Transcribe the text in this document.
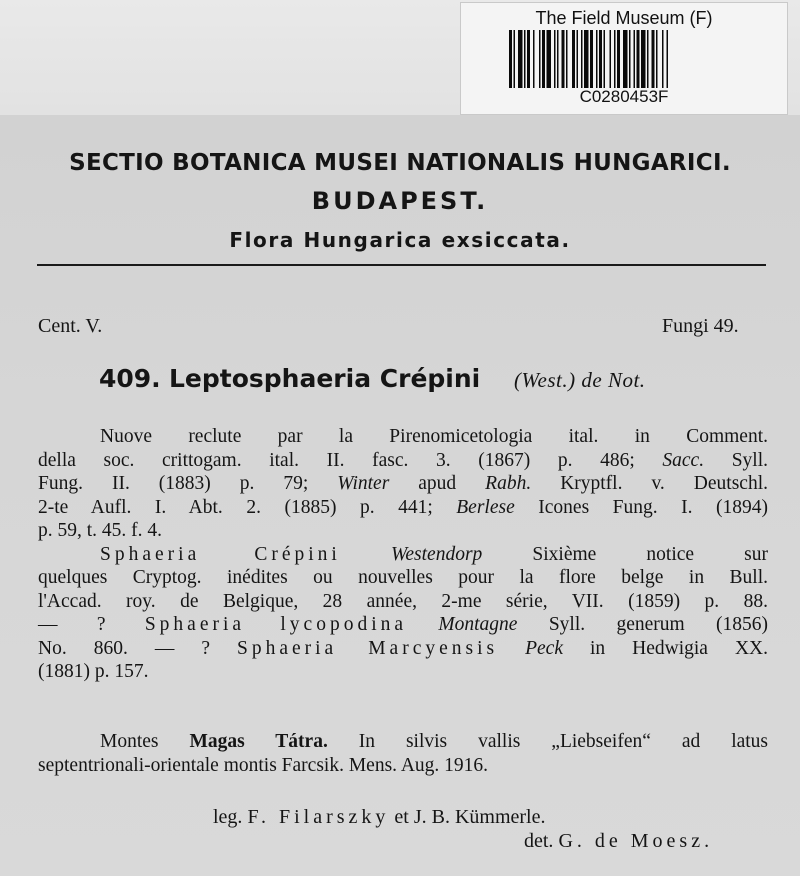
The Field Museum (F)
C0280453F
SECTIO BOTANICA MUSEI NATIONALIS HUNGARICI.
BUDAPEST.
Flora Hungarica exsiccata.
Cent. V.	Fungi 49.
409. Leptosphaeria Crépini (West.) de Not.
Nuove reclute par la Pirenomicetologia ital. in Comment.
della soc. crittogam. ital. II. fasc. 3. (1867) p. 486; Sacc. Syll.
Fung. II. (1883) p. 79; Winter apud Rabh. Kryptfl. v. Deutschl.
2-te Aufl. I. Abt. 2. (1885) p. 441; Berlese Icones Fung. I. (1894)
p. 59, t. 45. f. 4.
Sphaeria Crépini	Westendorp	Sixième notice sur
quelques Cryptog. inédites ou nouvelles pour la flore belge in Bull.
l'Accad. roy. de Belgique, 28 année, 2-me série, VII. (1859) p. 88.
— ? Sphaeria lycopodina Montagne Syll. generum (1856)
No. 860. — ? Sphaeria Marcyensis Peck in Hedwigia XX.
(1881) p. 157.
Montes Magas Tátra. In silvis vallis „Liebseifen“ ad latus
septentrionali-orientale montis Farcsik. Mens. Aug. 1916.
leg. F. Filarszky et J. B. Kümmerle.
det. G. de Moesz.
